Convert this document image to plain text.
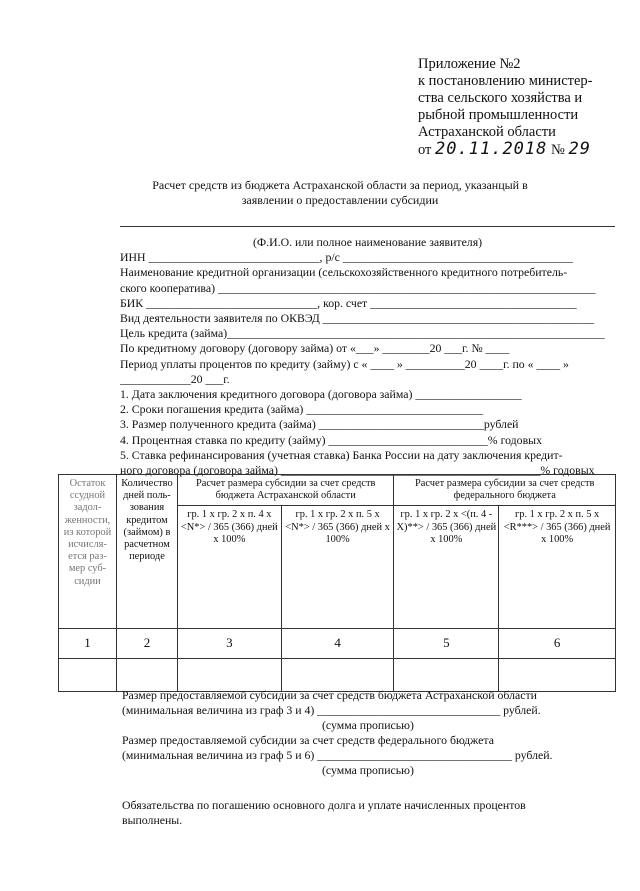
Приложение №2
к постановлению министер-
ства сельского хозяйства и
рыбной промышленности
Астраханской области
от 20.11.2018 № 29
Расчет средств из бюджета Астраханской области за период, указанцый в
заявлении о предоставлении субсидии
(Ф.И.О. или полное наименование заявителя)
ИНН _____________________________, р/с _______________________________________
Наименование кредитной организации (сельскохозяйственного кредитного потребитель-
ского кооператива) ________________________________________________________________
БИК _____________________________, кор. счет ___________________________________
Вид деятельности заявителя по ОКВЭД ______________________________________________
Цель кредита (займа)________________________________________________________________
По кредитному договору (договору займа) от «___» ________20 ___г. № ____
Период уплаты процентов по кредиту (займу) с « ____ » __________20 ____г. по « ____ »
____________20 ___г.
1. Дата заключения кредитного договора (договора займа) __________________
2. Сроки погашения кредита (займа) ______________________________
3. Размер полученного кредита (займа) ____________________________рублей
4. Процентная ставка по кредиту (займу) ___________________________% годовых
5. Ставка рефинансирования (учетная ставка) Банка России на дату заключения кредит-
ного договора (договора займа) ____________________________________________% годовых
Остаток ссудной задол-женности, из которой исчисля-ется раз-мер суб-сидии	Количество дней поль-зования кредитом (займом) в расчетном периоде	Расчет размера субсидии за счет средств бюджета Астраханской области		Расчет размера субсидии за счет средств федерального бюджета	
		гр. 1 x гр. 2 x п. 4 x <N*> / 365 (366) дней x 100%	гр. 1 x гр. 2 x п. 5 x <N*> / 365 (366) дней x 100%	гр. 1 x гр. 2 x <(п. 4 - X)**> / 365 (366) дней x 100%	гр. 1 x гр. 2 x п. 5 x <R***> / 365 (366) дней x 100%
1	2	3	4	5	6

Размер предоставляемой субсидии за счет средств бюджета Астраханской области
(минимальная величина из граф 3 и 4) _______________________________ рублей.
(сумма прописью)
Размер предоставляемой субсидии за счет средств федерального бюджета
(минимальная величина из граф 5 и 6) _________________________________ рублей.
(сумма прописью)
Обязательства по погашению основного долга и уплате начисленных процентов
выполнены.
